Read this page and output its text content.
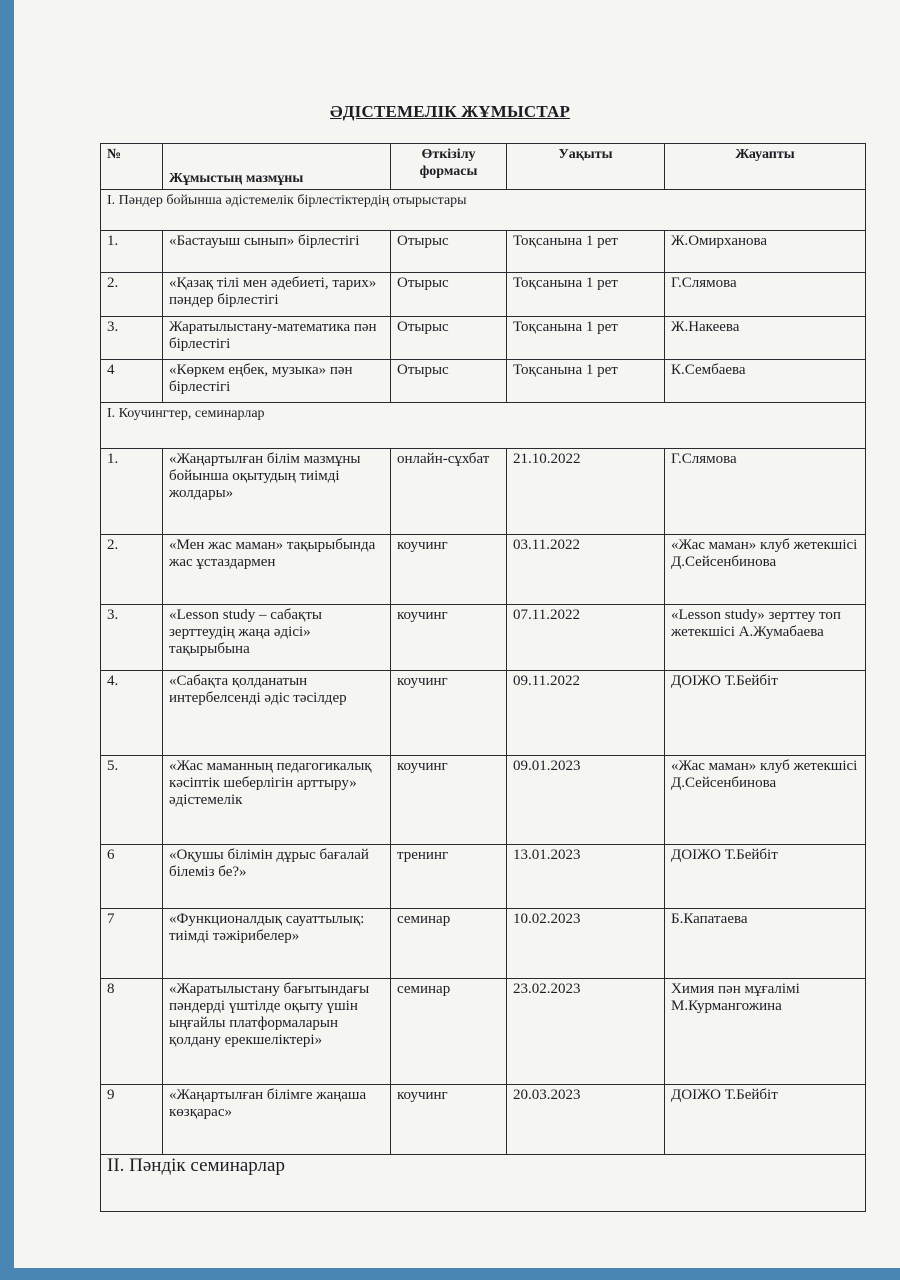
ӘДІСТЕМЕЛІК ЖҰМЫСТАР
№	Жұмыстың мазмұны	Өткізілу формасы	Уақыты	Жауапты
І. Пәндер бойынша әдістемелік бірлестіктердің отырыстары				
1.	«Бастауыш сынып» бірлестігі	Отырыс	Тоқсанына 1 рет	Ж.Омирханова
2.	«Қазақ тілі мен әдебиеті, тарих» пәндер бірлестігі	Отырыс	Тоқсанына 1 рет	Г.Слямова
3.	Жаратылыстану-математика пән бірлестігі	Отырыс	Тоқсанына 1 рет	Ж.Накеева
4	«Көркем еңбек, музыка» пән бірлестігі	Отырыс	Тоқсанына 1 рет	К.Сембаева
І. Коучингтер, семинарлар				
1.	«Жаңартылған білім мазмұны бойынша оқытудың тиімді жолдары»	онлайн-сұхбат	21.10.2022	Г.Слямова
2.	«Мен жас маман» тақырыбында жас ұстаздармен	коучинг	03.11.2022	«Жас маман» клуб жетекшісі Д.Сейсенбинова
3.	«Lesson study – сабақты зерттеудің жаңа әдісі» тақырыбына	коучинг	07.11.2022	«Lesson study» зерттеу топ жетекшісі А.Жумабаева
4.	«Сабақта қолданатын интербелсенді әдіс тәсілдер	коучинг	09.11.2022	ДОІЖО Т.Бейбіт
5.	«Жас маманның педагогикалық кәсіптік шеберлігін арттыру» әдістемелік	коучинг	09.01.2023	«Жас маман» клуб жетекшісі Д.Сейсенбинова
6	«Оқушы білімін дұрыс бағалай білеміз бе?»	тренинг	13.01.2023	ДОІЖО Т.Бейбіт
7	«Функционалдық сауаттылық: тиімді тәжірибелер»	семинар	10.02.2023	Б.Капатаева
8	«Жаратылыстану бағытындағы пәндерді үштілде оқыту үшін ыңғайлы платформаларын қолдану ерекшеліктері»	семинар	23.02.2023	Химия пән мұғалімі М.Курмангожина
9	«Жаңартылған білімге жаңаша көзқарас»	коучинг	20.03.2023	ДОІЖО Т.Бейбіт
ІІ. Пәндік семинарлар				
